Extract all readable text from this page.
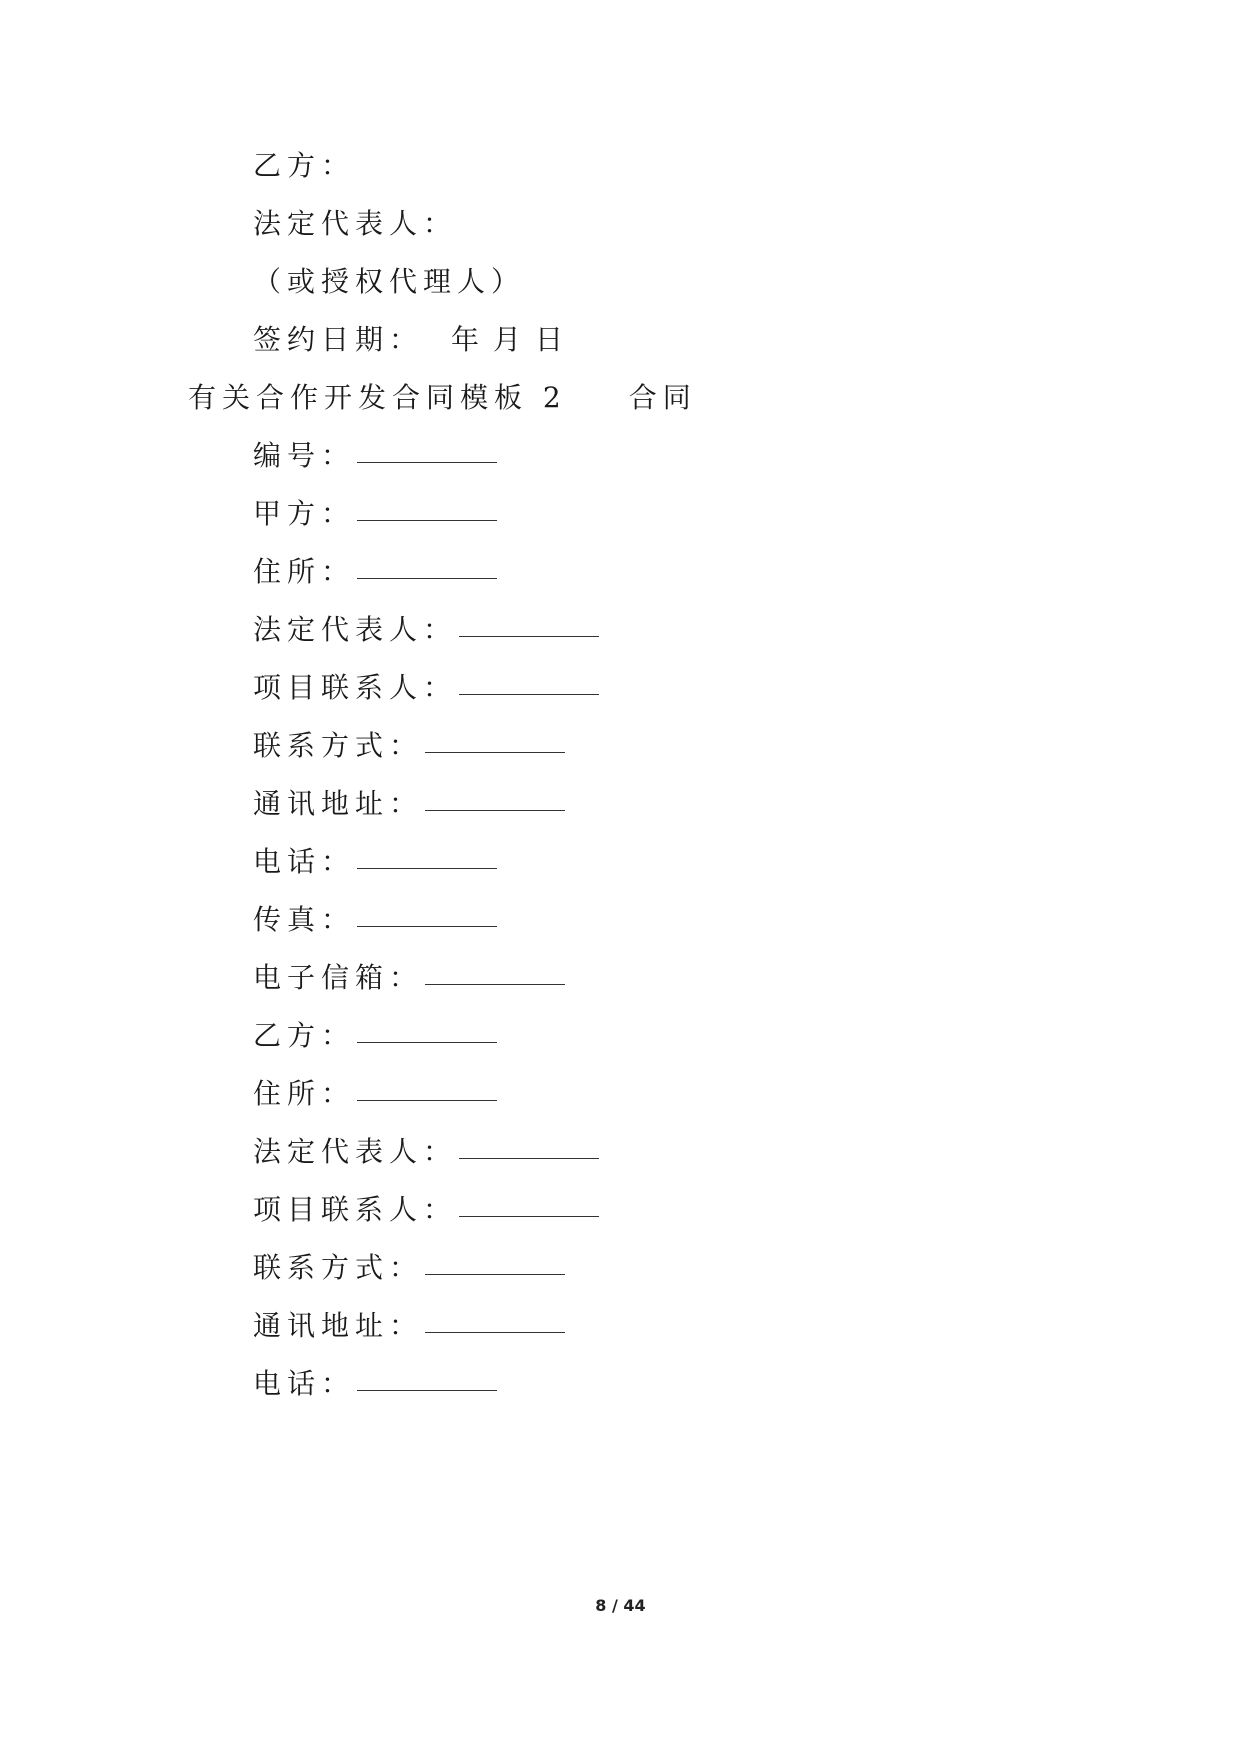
乙方：
法定代表人：
（或授权代理人）
签约日期： 年 月 日
有关合作开发合同模板 2 合同
编号：
甲方：
住所：
法定代表人：
项目联系人：
联系方式：
通讯地址：
电话：
传真：
电子信箱：
乙方：
住所：
法定代表人：
项目联系人：
联系方式：
通讯地址：
电话：
8 / 44
